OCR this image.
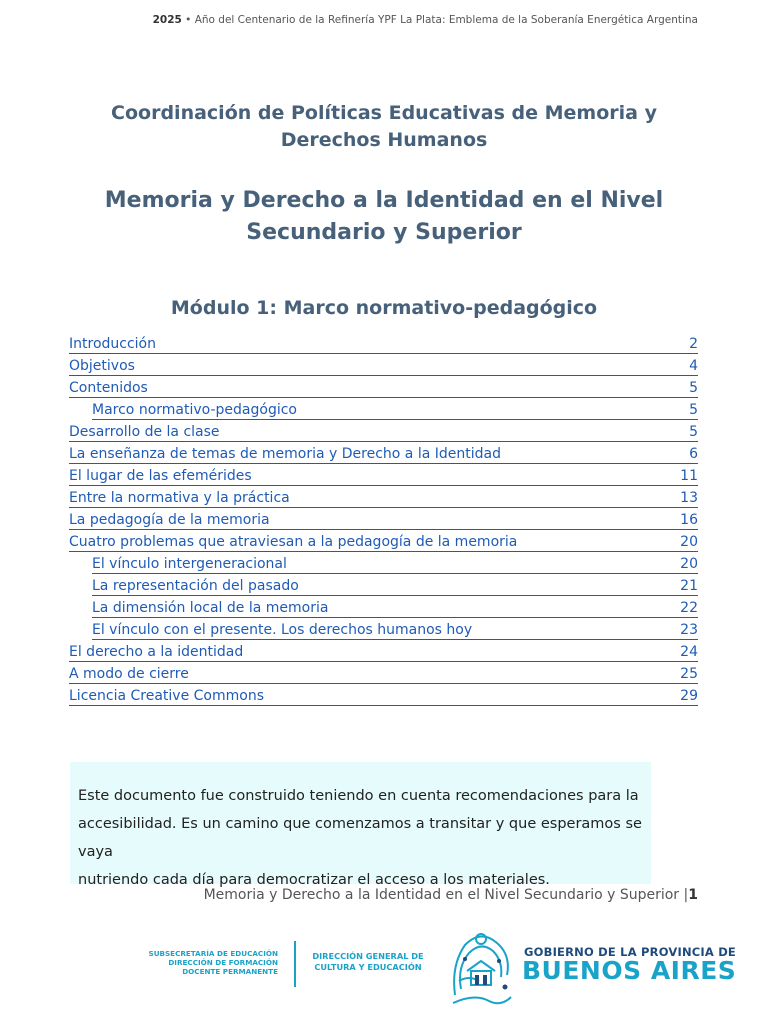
2025 • Año del Centenario de la Refinería YPF La Plata: Emblema de la Soberanía Energética Argentina
Coordinación de Políticas Educativas de Memoria y Derechos Humanos
Memoria y Derecho a la Identidad en el Nivel Secundario y Superior
Módulo 1: Marco normativo-pedagógico
Introducción	2
Objetivos	4
Contenidos	5
Marco normativo-pedagógico	5
Desarrollo de la clase	5
La enseñanza de temas de memoria y Derecho a la Identidad	6
El lugar de las efemérides	11
Entre la normativa y la práctica	13
La pedagogía de la memoria	16
Cuatro problemas que atraviesan a la pedagogía de la memoria	20
El vínculo intergeneracional	20
La representación del pasado	21
La dimensión local de la memoria	22
El vínculo con el presente. Los derechos humanos hoy	23
El derecho a la identidad	24
A modo de cierre	25
Licencia Creative Commons	29

Este documento fue construido teniendo en cuenta recomendaciones para la

accesibilidad. Es un camino que comenzamos a transitar y que esperamos se vaya

nutriendo cada día para democratizar el acceso a los materiales.

Memoria y Derecho a la Identidad en el Nivel Secundario y Superior |1
SUBSECRETARÍA DE EDUCACIÓN
DIRECCIÓN DE FORMACIÓN
DOCENTE PERMANENTE
DIRECCIÓN GENERAL DE
CULTURA Y EDUCACIÓN
GOBIERNO DE LA PROVINCIA DE
BUENOS AIRES
